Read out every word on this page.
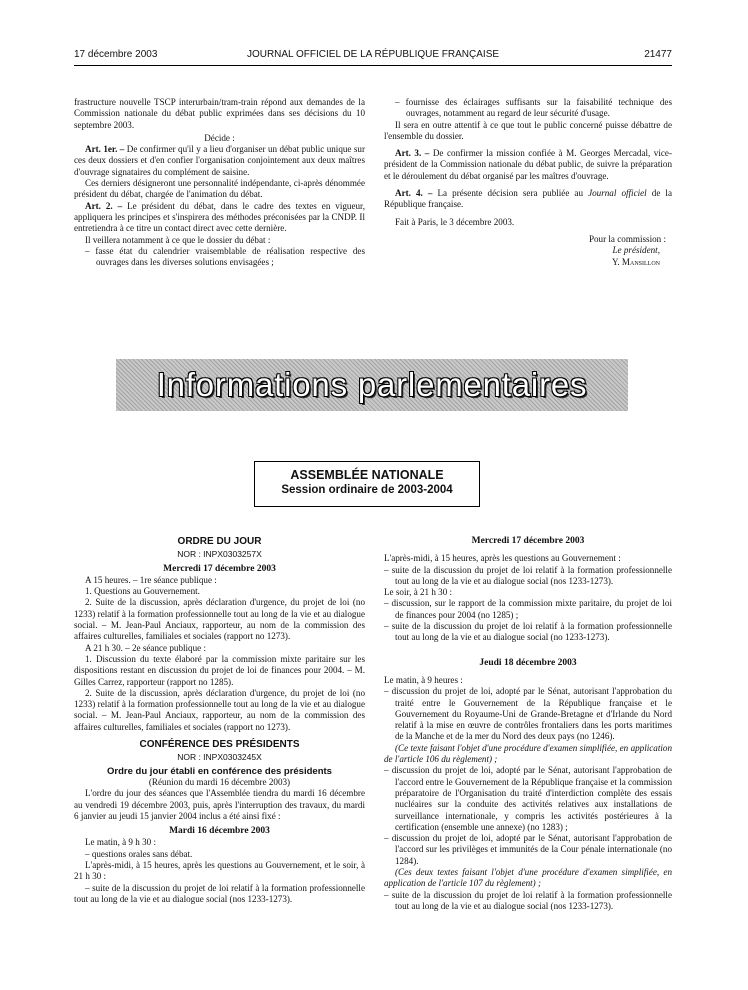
17 décembre 2003	JOURNAL OFFICIEL DE LA RÉPUBLIQUE FRANÇAISE	21477

frastructure nouvelle TSCP interurbain/tram-train répond aux demandes de la Commission nationale du débat public exprimées dans ses décisions du 10 septembre 2003.

Décide :

Art. 1er. – De confirmer qu'il y a lieu d'organiser un débat public unique sur ces deux dossiers et d'en confier l'organisation conjointement aux deux maîtres d'ouvrage signataires du complément de saisine.

Ces derniers désigneront une personnalité indépendante, ci-après dénommée président du débat, chargée de l'animation du débat.

Art. 2. – Le président du débat, dans le cadre des textes en vigueur, appliquera les principes et s'inspirera des méthodes préconisées par la CNDP. Il entretiendra à ce titre un contact direct avec cette dernière.

Il veillera notamment à ce que le dossier du débat :

– fasse état du calendrier vraisemblable de réalisation respective des ouvrages dans les diverses solutions envisagées ;

– fournisse des éclairages suffisants sur la faisabilité technique des ouvrages, notamment au regard de leur sécurité d'usage.

Il sera en outre attentif à ce que tout le public concerné puisse débattre de l'ensemble du dossier.

Art. 3. – De confirmer la mission confiée à M. Georges Mercadal, vice-président de la Commission nationale du débat public, de suivre la préparation et le déroulement du débat organisé par les maîtres d'ouvrage.

Art. 4. – La présente décision sera publiée au Journal officiel de la République française.

Fait à Paris, le 3 décembre 2003.

Pour la commission :

Le président,

Y. Mansillon

Informations parlementaires
ASSEMBLÉE NATIONALE
Session ordinaire de 2003-2004

ORDRE DU JOUR

NOR : INPX0303257X

Mercredi 17 décembre 2003

A 15 heures. – 1re séance publique :

1. Questions au Gouvernement.

2. Suite de la discussion, après déclaration d'urgence, du projet de loi (no 1233) relatif à la formation professionnelle tout au long de la vie et au dialogue social. – M. Jean-Paul Anciaux, rapporteur, au nom de la commission des affaires culturelles, familiales et sociales (rapport no 1273).

A 21 h 30. – 2e séance publique :

1. Discussion du texte élaboré par la commission mixte paritaire sur les dispositions restant en discussion du projet de loi de finances pour 2004. – M. Gilles Carrez, rapporteur (rapport no 1285).

2. Suite de la discussion, après déclaration d'urgence, du projet de loi (no 1233) relatif à la formation professionnelle tout au long de la vie et au dialogue social. – M. Jean-Paul Anciaux, rapporteur, au nom de la commission des affaires culturelles, familiales et sociales (rapport no 1273).

CONFÉRENCE DES PRÉSIDENTS

NOR : INPX0303245X

Ordre du jour établi en conférence des présidents

(Réunion du mardi 16 décembre 2003)

L'ordre du jour des séances que l'Assemblée tiendra du mardi 16 décembre au vendredi 19 décembre 2003, puis, après l'interruption des travaux, du mardi 6 janvier au jeudi 15 janvier 2004 inclus a été ainsi fixé :

Mardi 16 décembre 2003

Le matin, à 9 h 30 :

– questions orales sans débat.

L'après-midi, à 15 heures, après les questions au Gouvernement, et le soir, à 21 h 30 :

– suite de la discussion du projet de loi relatif à la formation professionnelle tout au long de la vie et au dialogue social (nos 1233-1273).

Mercredi 17 décembre 2003

L'après-midi, à 15 heures, après les questions au Gouvernement :

– suite de la discussion du projet de loi relatif à la formation professionnelle tout au long de la vie et au dialogue social (nos 1233-1273).

Le soir, à 21 h 30 :

– discussion, sur le rapport de la commission mixte paritaire, du projet de loi de finances pour 2004 (no 1285) ;

– suite de la discussion du projet de loi relatif à la formation professionnelle tout au long de la vie et au dialogue social (no 1233-1273).

Jeudi 18 décembre 2003

Le matin, à 9 heures :

– discussion du projet de loi, adopté par le Sénat, autorisant l'approbation du traité entre le Gouvernement de la République française et le Gouvernement du Royaume-Uni de Grande-Bretagne et d'Irlande du Nord relatif à la mise en œuvre de contrôles frontaliers dans les ports maritimes de la Manche et de la mer du Nord des deux pays (no 1246).

(Ce texte faisant l'objet d'une procédure d'examen simplifiée, en application de l'article 106 du règlement) ;

– discussion du projet de loi, adopté par le Sénat, autorisant l'approbation de l'accord entre le Gouvernement de la République française et la commission préparatoire de l'Organisation du traité d'interdiction complète des essais nucléaires sur la conduite des activités relatives aux installations de surveillance internationale, y compris les activités postérieures à la certification (ensemble une annexe) (no 1283) ;

– discussion du projet de loi, adopté par le Sénat, autorisant l'approbation de l'accord sur les privilèges et immunités de la Cour pénale internationale (no 1284).

(Ces deux textes faisant l'objet d'une procédure d'examen simplifiée, en application de l'article 107 du règlement) ;

– suite de la discussion du projet de loi relatif à la formation professionnelle tout au long de la vie et au dialogue social (nos 1233-1273).
